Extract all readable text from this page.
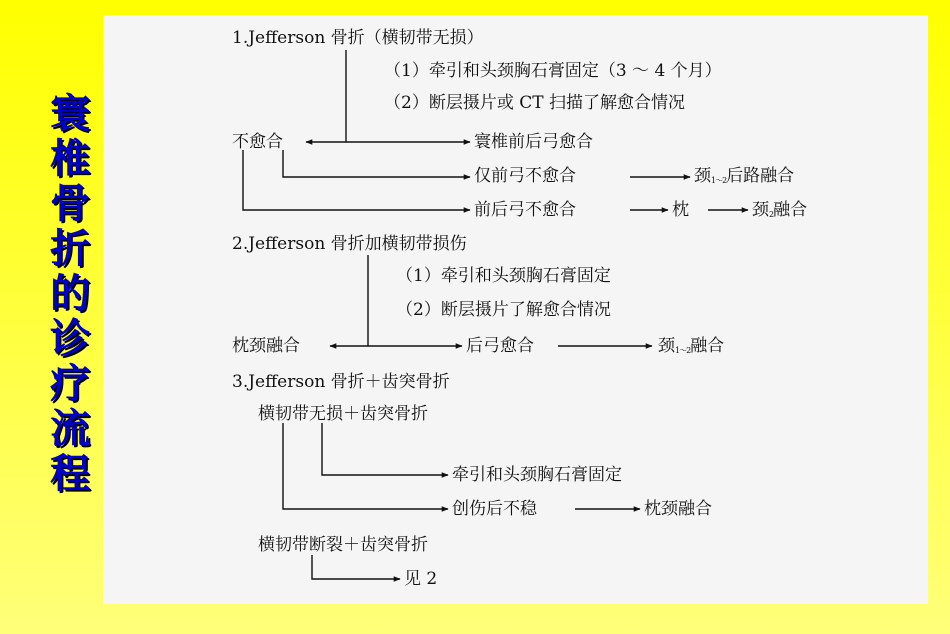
寰
椎
骨
折
的
诊
疗
流
程
1.Jefferson 骨折（横韧带无损）
（1）牵引和头颈胸石膏固定（3 ～ 4 个月）
（2）断层摄片或 CT 扫描了解愈合情况
不愈合	寰椎前后弓愈合
仅前弓不愈合	颈$_{1\sim 2}$后路融合
前后弓不愈合	枕	颈$_2$融合
2.Jefferson 骨折加横韧带损伤
（1）牵引和头颈胸石膏固定
（2）断层摄片了解愈合情况
枕颈融合	后弓愈合	颈$_{1\sim 2}$融合
3.Jefferson 骨折＋齿突骨折
横韧带无损＋齿突骨折
牵引和头颈胸石膏固定
创伤后不稳	枕颈融合
横韧带断裂＋齿突骨折
见 2
